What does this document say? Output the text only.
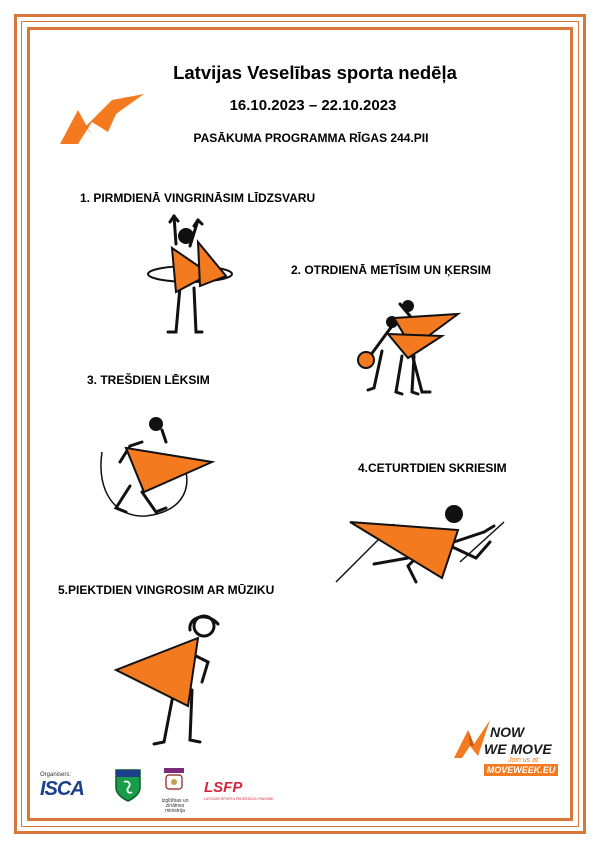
Latvijas Veselības sporta nedēļa
16.10.2023 – 22.10.2023
PASĀKUMA PROGRAMMA RĪGAS 244.PII
1. PIRMDIENĀ VINGRINĀSIM LĪDZSVARU
2. OTRDIENĀ METĪSIM UN ĶERSIM
3. TREŠDIEN LĒKSIM
4.CETURTDIEN SKRIESIM
5.PIEKTDIEN VINGROSIM AR MŪZIKU
NOW
WE MOVE
Join us at:
MOVEWEEK.EU
Organisers:
ISCA
Izglītības un zinātnes ministrija
LSFP
LATVIJAS SPORTA FEDERĀCIJU PADOME
